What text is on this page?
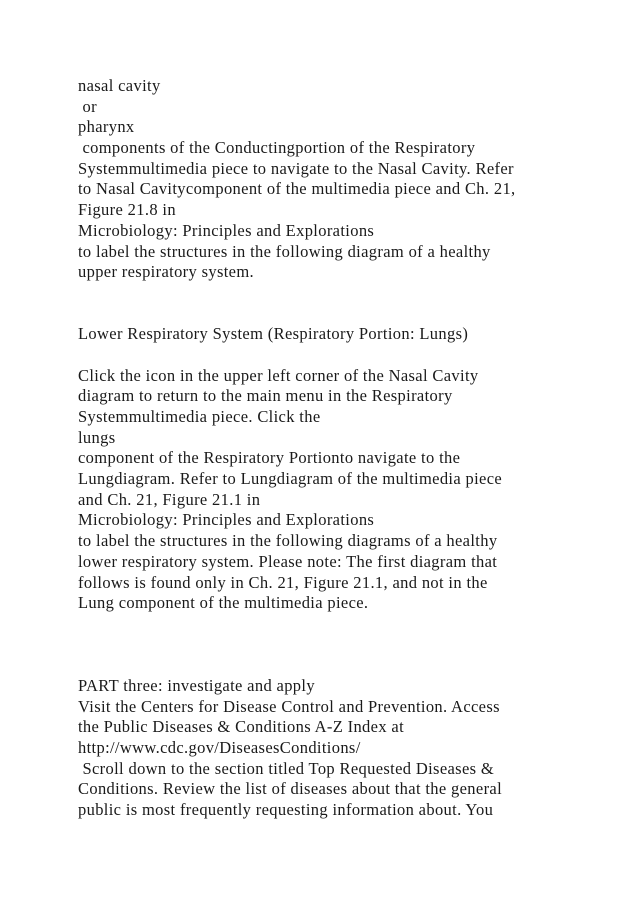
nasal cavity
or
pharynx
components of the Conductingportion of the Respiratory
Systemmultimedia piece to navigate to the Nasal Cavity. Refer
to Nasal Cavitycomponent of the multimedia piece and Ch. 21,
Figure 21.8 in
Microbiology: Principles and Explorations
to label the structures in the following diagram of a healthy
upper respiratory system.
Lower Respiratory System (Respiratory Portion: Lungs)
Click the icon in the upper left corner of the Nasal Cavity
diagram to return to the main menu in the Respiratory
Systemmultimedia piece. Click the
lungs
component of the Respiratory Portionto navigate to the
Lungdiagram. Refer to Lungdiagram of the multimedia piece
and Ch. 21, Figure 21.1 in
Microbiology: Principles and Explorations
to label the structures in the following diagrams of a healthy
lower respiratory system. Please note: The first diagram that
follows is found only in Ch. 21, Figure 21.1, and not in the
Lung component of the multimedia piece.
PART three: investigate and apply
Visit the Centers for Disease Control and Prevention. Access
the Public Diseases & Conditions A-Z Index at
http://www.cdc.gov/DiseasesConditions/
Scroll down to the section titled Top Requested Diseases &
Conditions. Review the list of diseases about that the general
public is most frequently requesting information about. You
